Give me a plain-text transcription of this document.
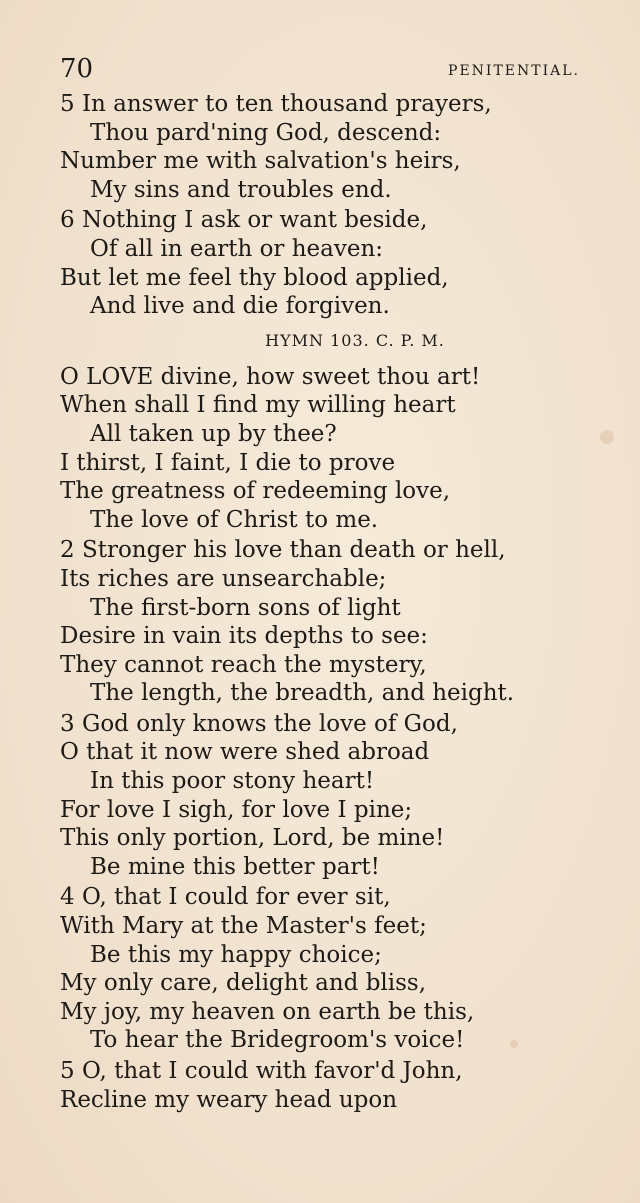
70	PENITENTIAL.
5 In answer to ten thousand prayers,
Thou pard'ning God, descend:
Number me with salvation's heirs,
My sins and troubles end.
6 Nothing I ask or want beside,
Of all in earth or heaven:
But let me feel thy blood applied,
And live and die forgiven.
HYMN 103. C. P. M.
O LOVE divine, how sweet thou art!
When shall I find my willing heart
All taken up by thee?
I thirst, I faint, I die to prove
The greatness of redeeming love,
The love of Christ to me.
2 Stronger his love than death or hell,
Its riches are unsearchable;
The first-born sons of light
Desire in vain its depths to see:
They cannot reach the mystery,
The length, the breadth, and height.
3 God only knows the love of God,
O that it now were shed abroad
In this poor stony heart!
For love I sigh, for love I pine;
This only portion, Lord, be mine!
Be mine this better part!
4 O, that I could for ever sit,
With Mary at the Master's feet;
Be this my happy choice;
My only care, delight and bliss,
My joy, my heaven on earth be this,
To hear the Bridegroom's voice!
5 O, that I could with favor'd John,
Recline my weary head upon
